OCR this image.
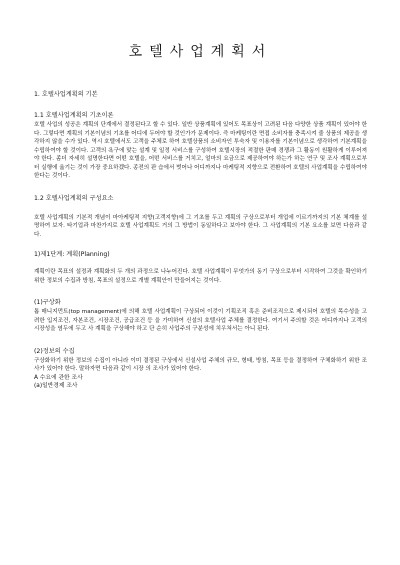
호텔사업계획서

1. 호텔사업계획의 기본

1.1 호텔사업계획의 기초이론

호텔 사업의 성공은 계획의 단계에서 결정된다고 할 수 있다. 일반 상품계획에 있어도 목표상이 고려된 다음 다양한 상품 계획이 있어야 한다. 그렇다면 계획의 기본이념의 기초를 어디에 두어야 할 것인가가 문제이다. 즉 마케팅이란 면접 소비자를 충족시켜 줄 상품의 제공을 생각하지 않을 수가 있다. 역시 호텔에서도 고객을 주체로 하여 호텔상품의 소비자인 투숙자 및 이용자를 기본이념으로 생각하여 기본계획을 수립하여야 할 것이다. 고객의 욕구에 맞는 설계 및 일정 서비스를 구성하여 호텔시장의 적절한 판매 경쟁과 그 활동이 원활하게 이루어져야 한다. 좀더 자세히 설명한다면 어떤 호텔을, 어떤 서비스를 거치고, 얼마의 요금으로 제공하여야 하는가 하는 연구 및 조사 계획으로부터 실행에 옮기는 것이 가장 중요하겠다. 종전의 판 습에서 벗어나 어디까지나 마케팅적 지향으로 전환하여 호텔의 사업계획을 수립하여야 한다는 것이다.

1.2 호텔사업계획의 구성요소

호텔 사업계획의 기본적 개념이 마아케팅적 지향(고객지향)에 그 기초를 두고 계획의 구상으로부터 개업에 이르기까지의 기본 체계를 설명하여 보자. 타기업과 마찬가지로 호텔 사업계획도 거의 그 방법이 동일하다고 보아야 한다. 그 사업계획의 기본 요소를 보면 다음과 같다.

1)제1단계: 계획(Planning)

계획이란 목표의 설정과 계획화의 두 개의 과정으로 나누어진다. 호텔 사업계획이 무엇가의 동기 구상으로부터 시작하여 그것을 확인하기 위한 정보의 수집과 방침, 목표의 설정으로 개별 계획안이 만들어지는 것이다.

(1)구상화

톱 매니지먼트(top management)에 의해 호텔 사업계획이 구상되어 이것이 기획조직 혹은 준비조직으로 제시되어 호텔의 목수성을 고려한 입지조건, 자본조건, 시장조건, 공급조건 등 을 가미하여 신설의 호텔사업 주체를 결정한다. 여기서 주의할 것은 어디까지나 고객의 시장성을 염두에 두고 사 계획을 구상해야 하고 단 순히 사업주의 구분성에 치우쳐서는 아니 된다.

(2)정보의 수집

구상화하기 위한 정보의 수집이 아니라 이미 결정된 구상에서 신설사업 주체의 규모, 형태, 방침, 목표 등을 결정하여 구체화하기 위한 조사가 있어야 한다. 말하자면 다음과 같이 시장 의 조사가 있어야 한다.

A 수요에 관한 조사

(a)일반경제 조사
